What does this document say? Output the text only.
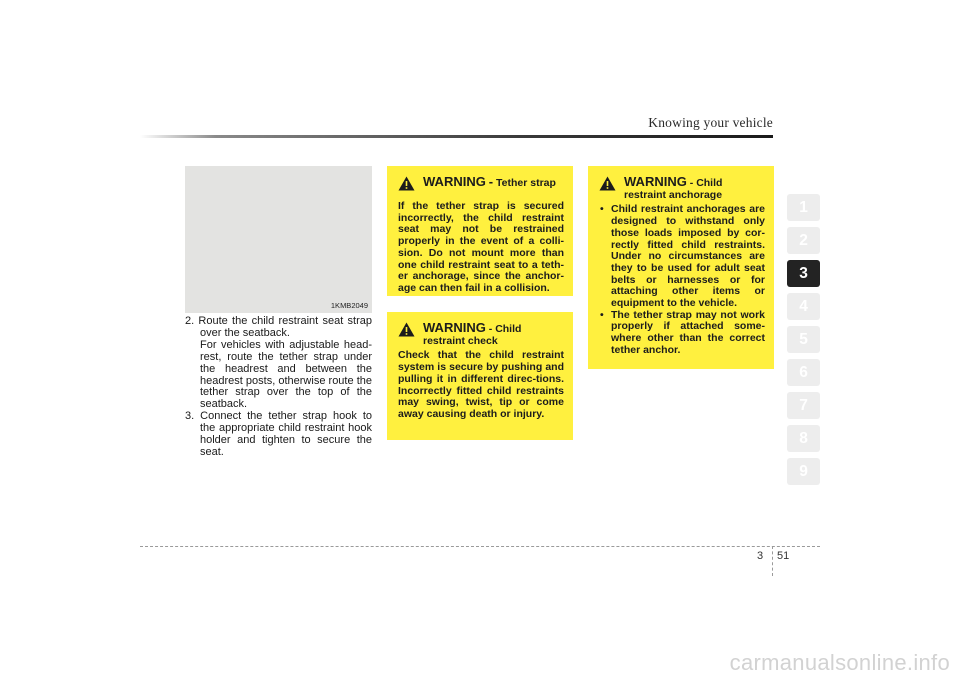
Knowing your vehicle
1KMB2049

2. Route the child restraint seat strap over the seatback.

For vehicles with adjustable head-rest, route the tether strap under the headrest and between the headrest posts, otherwise route the tether strap over the top of the seatback.

3. Connect the tether strap hook to the appropriate child restraint hook holder and tighten to secure the seat.

WARNING - Tether strap

If the tether strap is secured incorrectly, the child restraint seat may not be restrained properly in the event of a colli-sion. Do not mount more than one child restraint seat to a teth-er anchorage, since the anchor-age can then fail in a collision.

WARNING - Child
restraint check

Check that the child restraint system is secure by pushing and pulling it in different direc-tions. Incorrectly fitted child restraints may swing, twist, tip or come away causing death or injury.

WARNING - Child
restraint anchorage
• Child restraint anchorages are designed to withstand only those loads imposed by cor-rectly fitted child restraints. Under no circumstances are they to be used for adult seat belts or harnesses or for attaching other items or equipment to the vehicle.
• The tether strap may not work properly if attached some-where other than the correct tether anchor.
1
2
3
4
5
6
7
8
9
3 51
carmanualsonline.info
